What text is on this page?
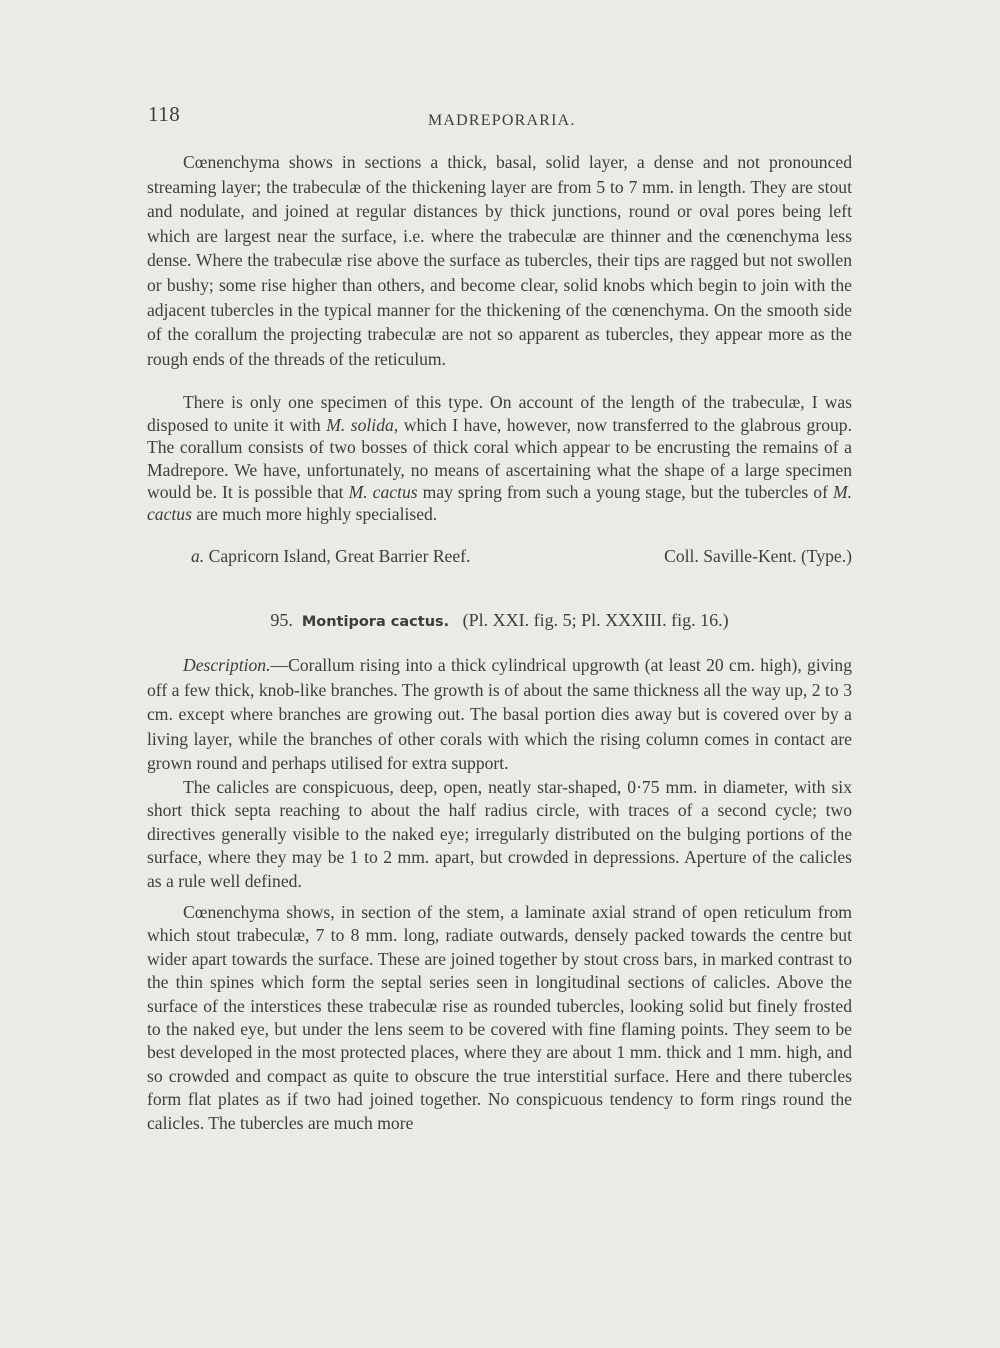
118	MADREPORARIA.

Cœnenchyma shows in sections a thick, basal, solid layer, a dense and not pronounced streaming layer; the trabeculæ of the thickening layer are from 5 to 7 mm. in length. They are stout and nodulate, and joined at regular distances by thick junctions, round or oval pores being left which are largest near the surface, i.e. where the trabeculæ are thinner and the cœnenchyma less dense. Where the trabeculæ rise above the surface as tubercles, their tips are ragged but not swollen or bushy; some rise higher than others, and become clear, solid knobs which begin to join with the adjacent tubercles in the typical manner for the thickening of the cœnenchyma. On the smooth side of the corallum the projecting trabeculæ are not so apparent as tubercles, they appear more as the rough ends of the threads of the reticulum.

There is only one specimen of this type. On account of the length of the trabeculæ, I was disposed to unite it with M. solida, which I have, however, now transferred to the glabrous group. The corallum consists of two bosses of thick coral which appear to be encrusting the remains of a Madrepore. We have, unfortunately, no means of ascertaining what the shape of a large specimen would be. It is possible that M. cactus may spring from such a young stage, but the tubercles of M. cactus are much more highly specialised.

a. Capricorn Island, Great Barrier Reef.	Coll. Saville-Kent. (Type.)
95. Montipora cactus. (Pl. XXI. fig. 5; Pl. XXXIII. fig. 16.)

Description.—Corallum rising into a thick cylindrical upgrowth (at least 20 cm. high), giving off a few thick, knob-like branches. The growth is of about the same thickness all the way up, 2 to 3 cm. except where branches are growing out. The basal portion dies away but is covered over by a living layer, while the branches of other corals with which the rising column comes in contact are grown round and perhaps utilised for extra support.

The calicles are conspicuous, deep, open, neatly star-shaped, 0·75 mm. in diameter, with six short thick septa reaching to about the half radius circle, with traces of a second cycle; two directives generally visible to the naked eye; irregularly distributed on the bulging portions of the surface, where they may be 1 to 2 mm. apart, but crowded in depressions. Aperture of the calicles as a rule well defined.

Cœnenchyma shows, in section of the stem, a laminate axial strand of open reticulum from which stout trabeculæ, 7 to 8 mm. long, radiate outwards, densely packed towards the centre but wider apart towards the surface. These are joined together by stout cross bars, in marked contrast to the thin spines which form the septal series seen in longitudinal sections of calicles. Above the surface of the interstices these trabeculæ rise as rounded tubercles, looking solid but finely frosted to the naked eye, but under the lens seem to be covered with fine flaming points. They seem to be best developed in the most protected places, where they are about 1 mm. thick and 1 mm. high, and so crowded and compact as quite to obscure the true interstitial surface. Here and there tubercles form flat plates as if two had joined together. No conspicuous tendency to form rings round the calicles. The tubercles are much more
